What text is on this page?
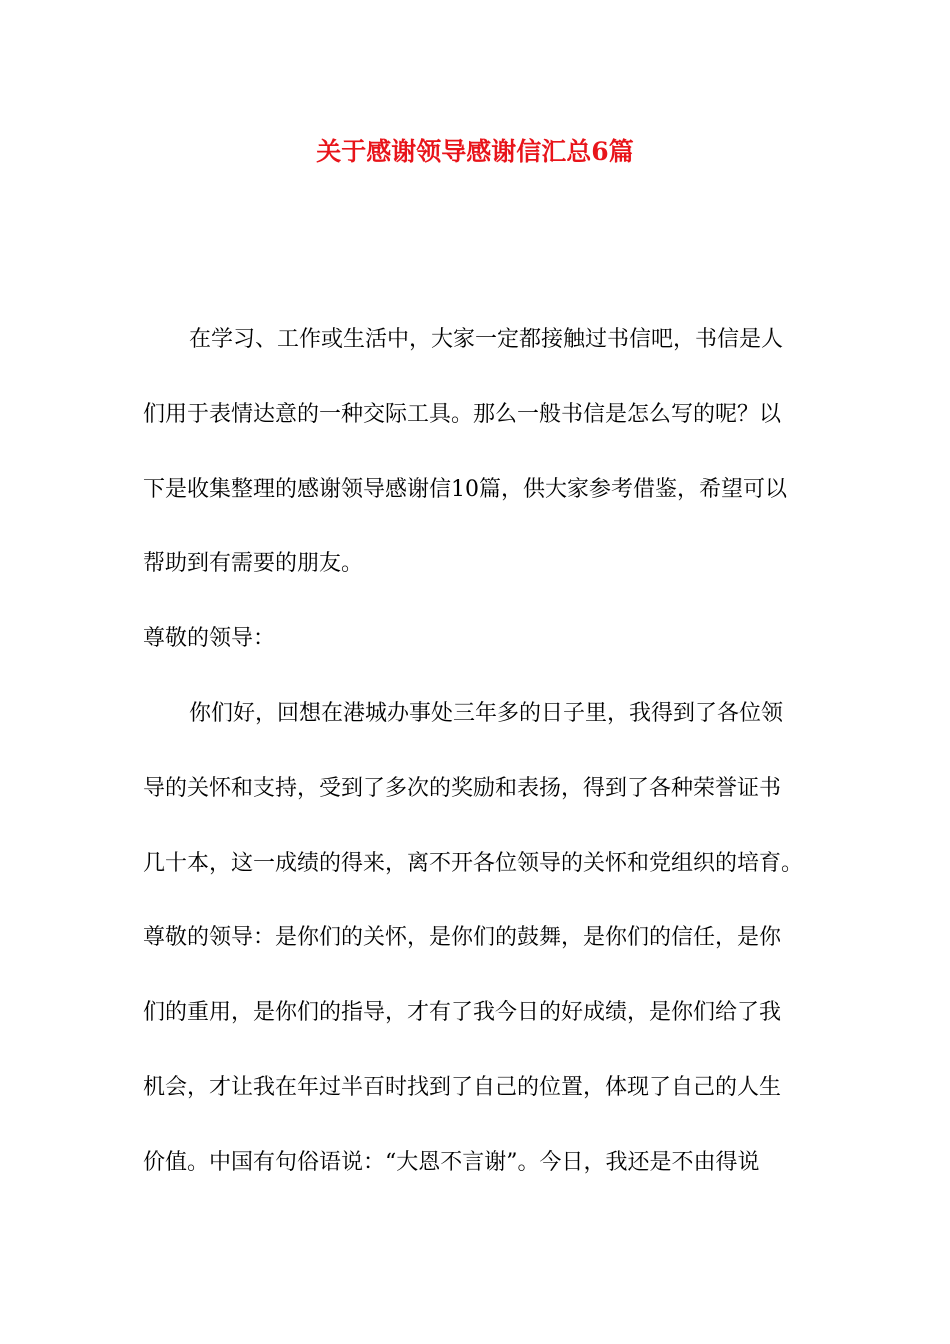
关于感谢领导感谢信汇总6篇
在学习、工作或生活中，大家一定都接触过书信吧，书信是人
们用于表情达意的一种交际工具。那么一般书信是怎么写的呢？以
下是收集整理的感谢领导感谢信10篇，供大家参考借鉴，希望可以
帮助到有需要的朋友。
尊敬的领导：
你们好，回想在港城办事处三年多的日子里，我得到了各位领
导的关怀和支持，受到了多次的奖励和表扬，得到了各种荣誉证书
几十本，这一成绩的得来，离不开各位领导的关怀和党组织的培育。
尊敬的领导：是你们的关怀，是你们的鼓舞，是你们的信任，是你
们的重用，是你们的指导，才有了我今日的好成绩，是你们给了我
机会，才让我在年过半百时找到了自己的位置，体现了自己的人生
价值。中国有句俗语说：“大恩不言谢”。今日，我还是不由得说
